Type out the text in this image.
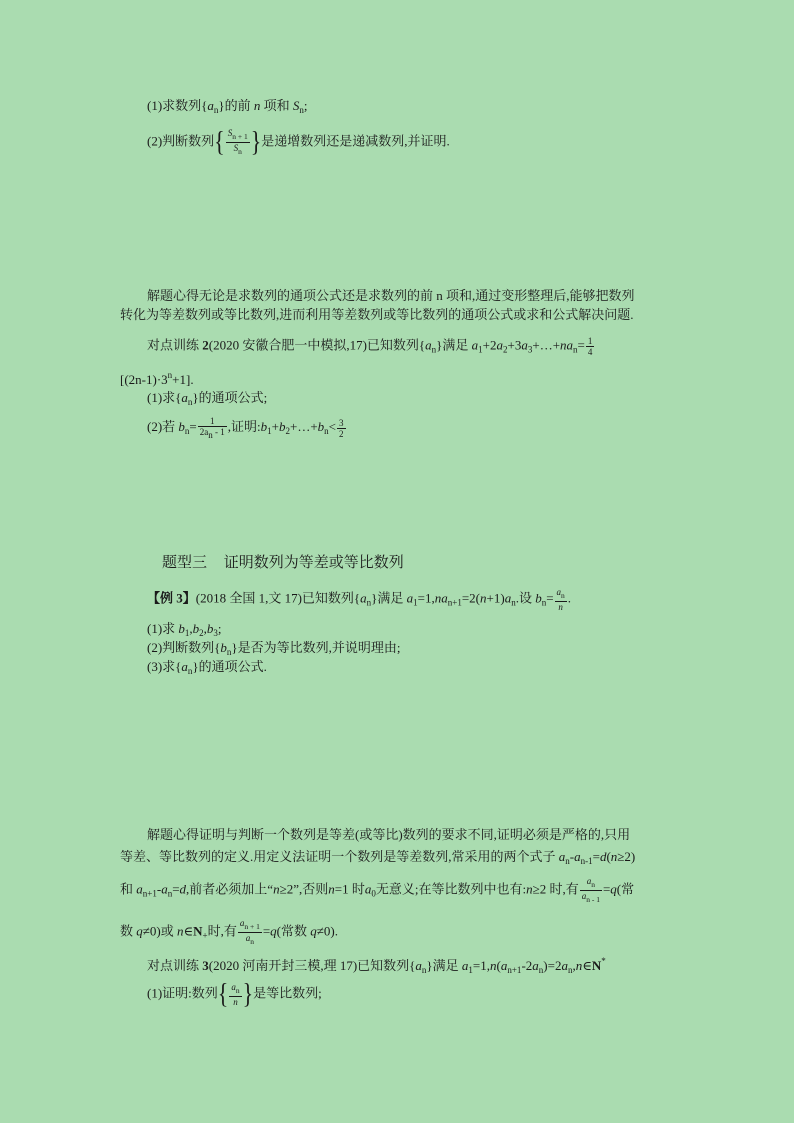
(1)求数列$\{a_n\}$的前 n 项和 $S_n$;
(2)判断数列{ $\frac{S_{n + 1}}{S_n}$ }是递增数列还是递减数列,并证明.
解题心得无论是求数列的通项公式还是求数列的前 n 项和,通过变形整理后,能够把数列
转化为等差数列或等比数列,进而利用等差数列或等比数列的通项公式或求和公式解决问题.
对点训练 2(2020 安徽合肥一中模拟,17)已知数列$\{a_n\}$满足 $a_1+2a_2+3a_3+\dots+na_n= \frac{1}{4}$
$[(2n-1)\cdot 3^n+1]$.
(1)求$\{a_n\}$的通项公式;
(2)若 $b_n= \frac{1}{2an - 1}$ ,证明$:b_1+b_2+\dots+b_n< \frac{3}{2}$
题型三 证明数列为等差或等比数列
【例 3】(2018 全国 1,文 17)已知数列$\{a_n\}$满足 $a_1=1,na_{n+1}=2(n+1)a_n$.设 $b_n= \frac{a_n}{n}$ .
(1)求 $b_1,b_2,b_3$;
(2)判断数列$\{b_n\}$是否为等比数列,并说明理由;
(3)求$\{a_n\}$的通项公式.
解题心得证明与判断一个数列是等差(或等比)数列的要求不同,证明必须是严格的,只用
等差、等比数列的定义.用定义法证明一个数列是等差数列,常采用的两个式子 $a_n-a_{n-1}=d(n\ge 2)$
和 $a_{n+1}-a_n=d$,前者必须加上“n≥2”,否则n=1 时$a_0$无意义;在等比数列中也有:n≥2 时,有 $\frac{a_n}{a_{n - 1}} =q$(常
数 q≠0)或 $n\in N_+$时,有 $\frac{a_{n + 1}}{a_n} =q$(常数 q≠0).
对点训练 3(2020 河南开封三模,理 17)已知数列$\{a_n\}$满足 $a_1=1,n(a_{n+1}-2a_n)=2a_n,n\in N^*$
(1)证明:数列{ $\frac{a_n}{n}$ }是等比数列;
